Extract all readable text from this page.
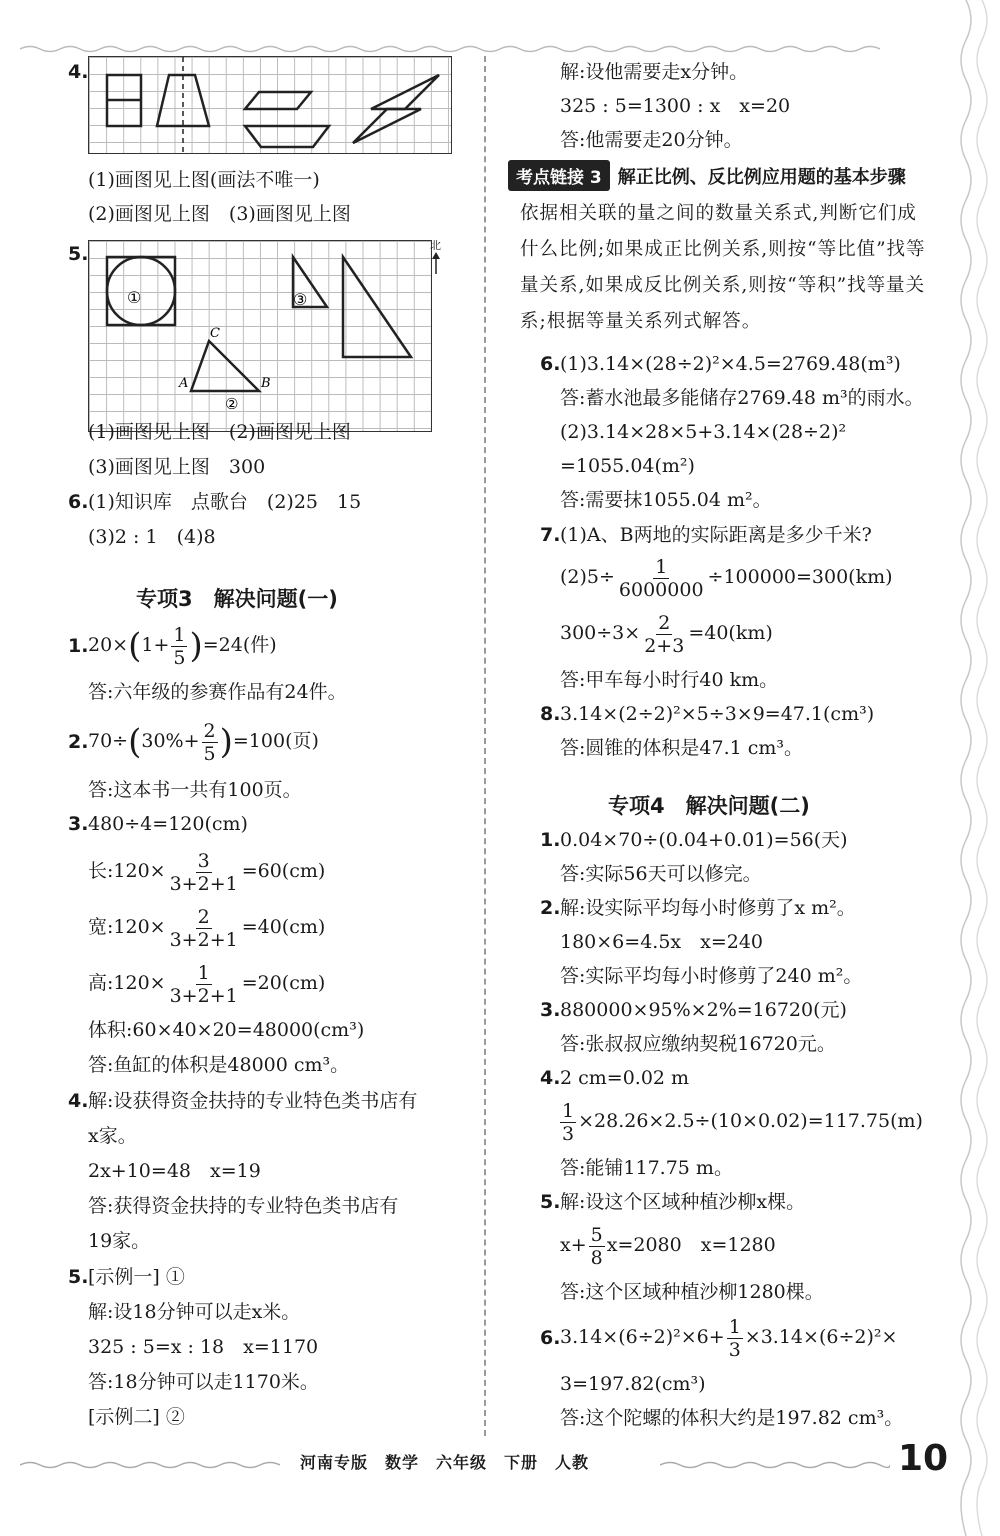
4.
(1)画图见上图(画法不唯一)
(2)画图见上图　(3)画图见上图
5.
①	③
C
A	B
②
北
(1)画图见上图　(2)画图见上图
(3)画图见上图　300
6. (1)知识库　点歌台　(2)25　15
(3)2 : 1　(4)8
专项3　解决问题(一)
1. $20\times(1+ \frac{1}{5} )=24$(件)
答:六年级的参赛作品有24件。
2. $70\div(30\%+ \frac{2}{5} )=100$(页)
答:这本书一共有100页。
3. 480÷4=120(cm)
长:120× $\frac{3}{3+2+1} =60(cm)$
宽:120× $\frac{2}{3+2+1} =40(cm)$
高:120× $\frac{1}{3+2+1} =20(cm)$
体积:60×40×20=48000(cm³)
答:鱼缸的体积是48000 cm³。
4. 解:设获得资金扶持的专业特色类书店有
x家。
2x+10=48　x=19
答:获得资金扶持的专业特色类书店有
19家。
5. [示例一] ①
解:设18分钟可以走x米。
325 : 5=x : 18　x=1170
答:18分钟可以走1170米。
[示例二] ②
解:设他需要走x分钟。
325 : 5=1300 : x　x=20
答:他需要走20分钟。
考点链接 3 解正比例、反比例应用题的基本步骤
依据相关联的量之间的数量关系式,判断它们成什么比例;如果成正比例关系,则按“等比值”找等量关系,如果成反比例关系,则按“等积”找等量关系;根据等量关系列式解答。
6. (1)3.14×(28÷2)²×4.5=2769.48(m³)
答:蓄水池最多能储存2769.48 m³的雨水。
(2)3.14×28×5+3.14×(28÷2)²
=1055.04(m²)
答:需要抹1055.04 m²。
7. (1)A、B两地的实际距离是多少千米?
$(2)5\div \frac{1}{6000000} \div 100000=300(km)$
$300\div 3\times \frac{2}{2+3} =40(km)$
答:甲车每小时行40 km。
8. 3.14×(2÷2)²×5÷3×9=47.1(cm³)
答:圆锥的体积是47.1 cm³。
专项4　解决问题(二)
1. 0.04×70÷(0.04+0.01)=56(天)
答:实际56天可以修完。
2. 解:设实际平均每小时修剪了x m²。
180×6=4.5x　x=240
答:实际平均每小时修剪了240 m²。
3. 880000×95%×2%=16720(元)
答:张叔叔应缴纳契税16720元。
4. 2 cm=0.02 m
$\frac{1}{3} \times 28.26\times 2.5\div(10\times 0.02)=117.75(m)$
答:能铺117.75 m。
5. 解:设这个区域种植沙柳x棵。
$x+ \frac{5}{8} x=2080$　x=1280
答:这个区域种植沙柳1280棵。
6. $3.14\times(6\div 2)^2\times 6+ \frac{1}{3} \times 3.14\times(6\div 2)^2\times$
3=197.82(cm³)
答:这个陀螺的体积大约是197.82 cm³。
河南专版　数学　六年级　下册　人教	10
